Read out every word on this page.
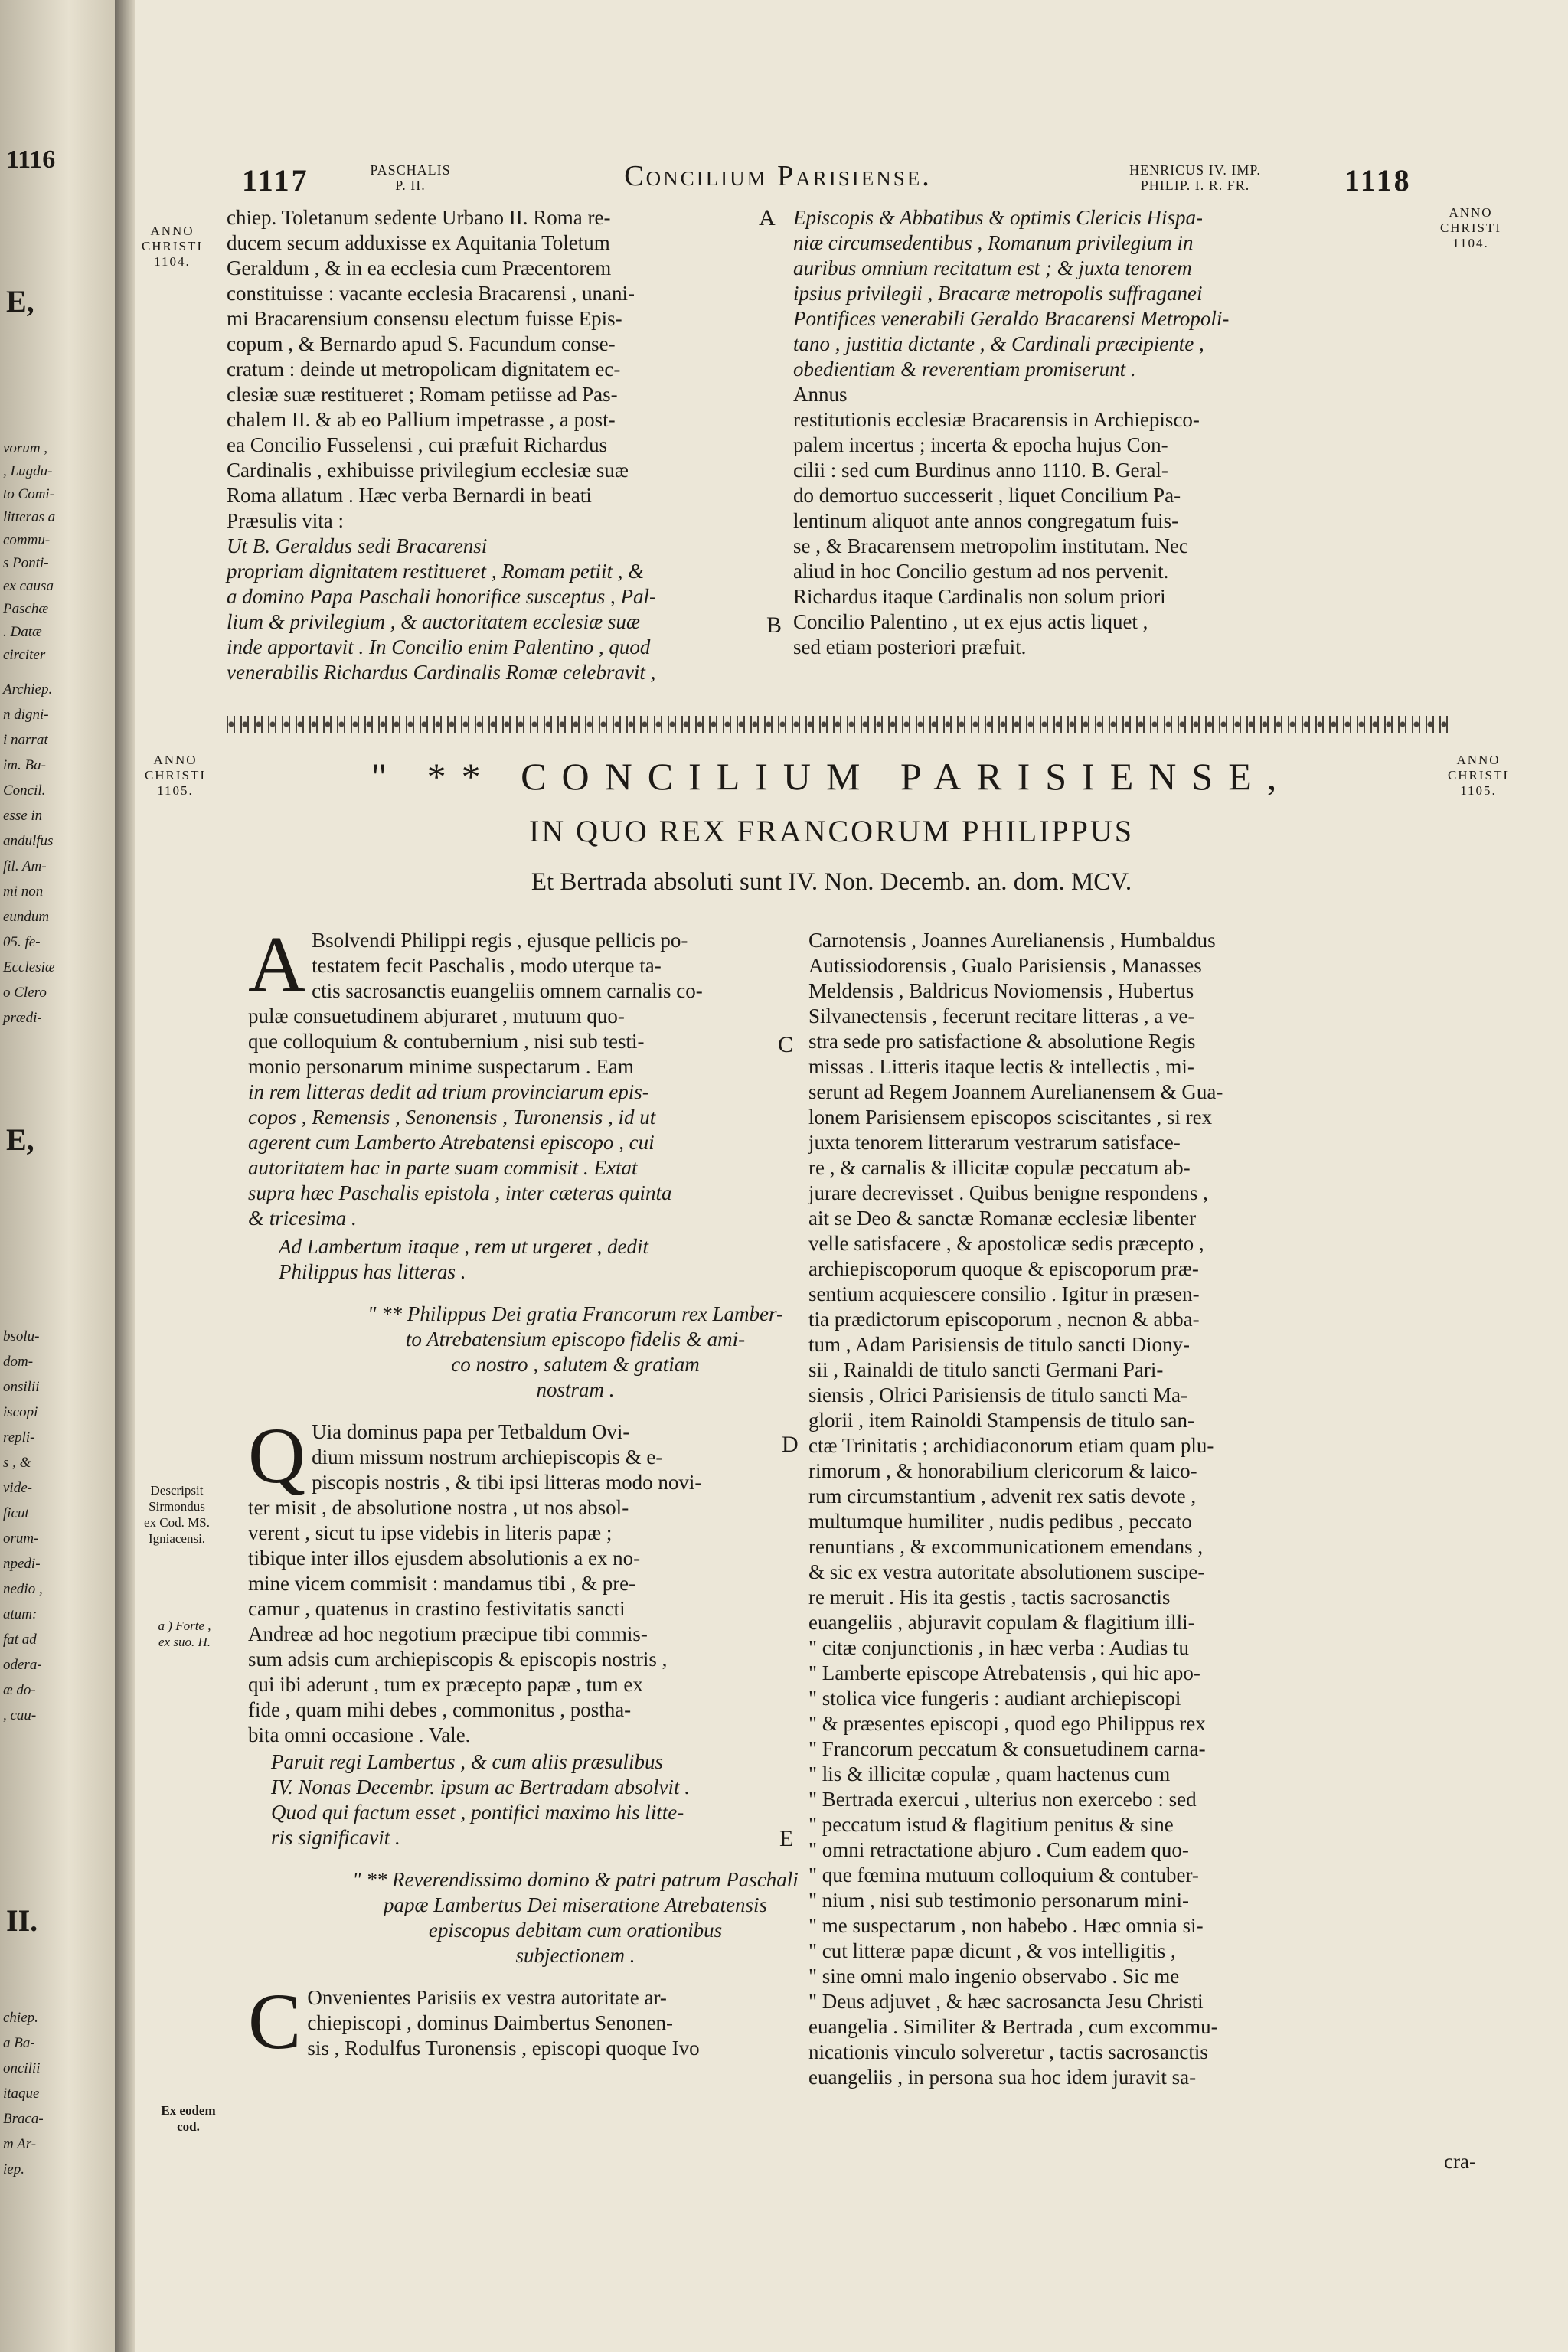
1116
E,
vorum ,
, Lugdu-
to Comi-
litteras a
commu-
s Ponti-
ex causa
Paschæ
. Datæ
circiter
Archiep.
n digni-
i narrat
im. Ba-
Concil.
esse in
andulfus
fil. Am-
mi non
eundum
05. fe-
Ecclesiæ
o Clero
prædi-
E,
bsolu-
dom-
onsilii
iscopi
repli-
s , &
vide-
ficut
orum-
npedi-
nedio ,
atum:
fat ad
odera-
æ do-
, cau-
II.
chiep.
a Ba-
oncilii
itaque
Braca-
m Ar-
iep.
1117	PASCHALIS
P. II.	Concilium Parisiense.	HENRICUS IV. IMP.
PHILIP. I. R. FR.	1118
ANNO
CHRISTI
1104.
ANNO
CHRISTI
1104.
chiep. Toletanum sedente Urbano II. Roma re-
ducem secum adduxisse ex Aquitania Toletum
Geraldum , & in ea ecclesia cum Præcentorem
constituisse : vacante ecclesia Bracarensi , unani-
mi Bracarensium consensu electum fuisse Epis-
copum , & Bernardo apud S. Facundum conse-
cratum : deinde ut metropolicam dignitatem ec-
clesiæ suæ restitueret ; Romam petiisse ad Pas-
chalem II. & ab eo Pallium impetrasse , a post-
ea Concilio Fusselensi , cui præfuit Richardus
Cardinalis , exhibuisse privilegium ecclesiæ suæ
Roma allatum . Hæc verba Bernardi in beati
Præsulis vita :
Ut B. Geraldus sedi Bracarensi
propriam dignitatem restitueret , Romam petiit , &
a domino Papa Paschali honorifice susceptus , Pal-
lium & privilegium , & auctoritatem ecclesiæ suæ
inde apportavit . In Concilio enim Palentino , quod
venerabilis Richardus Cardinalis Romæ celebravit ,
Episcopis & Abbatibus & optimis Clericis Hispa-
niæ circumsedentibus , Romanum privilegium in
auribus omnium recitatum est ; & juxta tenorem
ipsius privilegii , Bracaræ metropolis suffraganei
Pontifices venerabili Geraldo Bracarensi Metropoli-
tano , justitia dictante , & Cardinali præcipiente ,
obedientiam & reverentiam promiserunt .
Annus
restitutionis ecclesiæ Bracarensis in Archiepisco-
palem incertus ; incerta & epocha hujus Con-
cilii : sed cum Burdinus anno 1110. B. Geral-
do demortuo successerit , liquet Concilium Pa-
lentinum aliquot ante annos congregatum fuis-
se , & Bracarensem metropolim institutam. Nec
aliud in hoc Concilio gestum ad nos pervenit.
Richardus itaque Cardinalis non solum priori
Concilio Palentino , ut ex ejus actis liquet ,
sed etiam posteriori præfuit.
A
B
ANNO
CHRISTI
1105.
ANNO
CHRISTI
1105.
" ** CONCILIUM PARISIENSE,
IN QUO REX FRANCORUM PHILIPPUS
Et Bertrada absoluti sunt IV. Non. Decemb. an. dom. MCV.
Descripsit
Sirmondus
ex Cod. MS.
Igniacensi.
a ) Forte ,
ex suo. H.
Ex eodem
cod.
A Bsolvendi Philippi regis , ejusque pellicis po-
testatem fecit Paschalis , modo uterque ta-
ctis sacrosanctis euangeliis omnem carnalis co-
pulæ consuetudinem abjuraret , mutuum quo-
que colloquium & contubernium , nisi sub testi-
monio personarum minime suspectarum . Eam
in rem litteras dedit ad trium provinciarum epis-
copos , Remensis , Senonensis , Turonensis , id ut
agerent cum Lamberto Atrebatensi episcopo , cui
autoritatem hac in parte suam commisit . Extat
supra hæc Paschalis epistola , inter cæteras quinta
& tricesima .
Ad Lambertum itaque , rem ut urgeret , dedit
Philippus has litteras .
" ** Philippus Dei gratia Francorum rex Lamber-
to Atrebatensium episcopo fidelis & ami-
co nostro , salutem & gratiam
nostram .
Q Uia dominus papa per Tetbaldum Ovi-
dium missum nostrum archiepiscopis & e-
piscopis nostris , & tibi ipsi litteras modo novi-
ter misit , de absolutione nostra , ut nos absol-
verent , sicut tu ipse videbis in literis papæ ;
tibique inter illos ejusdem absolutionis a ex no-
mine vicem commisit : mandamus tibi , & pre-
camur , quatenus in crastino festivitatis sancti
Andreæ ad hoc negotium præcipue tibi commis-
sum adsis cum archiepiscopis & episcopis nostris ,
qui ibi aderunt , tum ex præcepto papæ , tum ex
fide , quam mihi debes , commonitus , postha-
bita omni occasione . Vale.
Paruit regi Lambertus , & cum aliis præsulibus
IV. Nonas Decembr. ipsum ac Bertradam absolvit .
Quod qui factum esset , pontifici maximo his litte-
ris significavit .
" ** Reverendissimo domino & patri patrum Paschali
papæ Lambertus Dei miseratione Atrebatensis
episcopus debitam cum orationibus
subjectionem .
C Onvenientes Parisiis ex vestra autoritate ar-
chiepiscopi , dominus Daimbertus Senonen-
sis , Rodulfus Turonensis , episcopi quoque Ivo
Carnotensis , Joannes Aurelianensis , Humbaldus
Autissiodorensis , Gualo Parisiensis , Manasses
Meldensis , Baldricus Noviomensis , Hubertus
Silvanectensis , fecerunt recitare litteras , a ve-
stra sede pro satisfactione & absolutione Regis
missas . Litteris itaque lectis & intellectis , mi-
serunt ad Regem Joannem Aurelianensem & Gua-
lonem Parisiensem episcopos sciscitantes , si rex
juxta tenorem litterarum vestrarum satisface-
re , & carnalis & illicitæ copulæ peccatum ab-
jurare decrevisset . Quibus benigne respondens ,
ait se Deo & sanctæ Romanæ ecclesiæ libenter
velle satisfacere , & apostolicæ sedis præcepto ,
archiepiscoporum quoque & episcoporum præ-
sentium acquiescere consilio . Igitur in præsen-
tia prædictorum episcoporum , necnon & abba-
tum , Adam Parisiensis de titulo sancti Diony-
sii , Rainaldi de titulo sancti Germani Pari-
siensis , Olrici Parisiensis de titulo sancti Ma-
glorii , item Rainoldi Stampensis de titulo san-
ctæ Trinitatis ; archidiaconorum etiam quam plu-
rimorum , & honorabilium clericorum & laico-
rum circumstantium , advenit rex satis devote ,
multumque humiliter , nudis pedibus , peccato
renuntians , & excommunicationem emendans ,
& sic ex vestra autoritate absolutionem suscipe-
re meruit . His ita gestis , tactis sacrosanctis
euangeliis , abjuravit copulam & flagitium illi-
" citæ conjunctionis , in hæc verba : Audias tu
" Lamberte episcope Atrebatensis , qui hic apo-
" stolica vice fungeris : audiant archiepiscopi
" & præsentes episcopi , quod ego Philippus rex
" Francorum peccatum & consuetudinem carna-
" lis & illicitæ copulæ , quam hactenus cum
" Bertrada exercui , ulterius non exercebo : sed
" peccatum istud & flagitium penitus & sine
" omni retractatione abjuro . Cum eadem quo-
" que fœmina mutuum colloquium & contuber-
" nium , nisi sub testimonio personarum mini-
" me suspectarum , non habebo . Hæc omnia si-
" cut litteræ papæ dicunt , & vos intelligitis ,
" sine omni malo ingenio observabo . Sic me
" Deus adjuvet , & hæc sacrosancta Jesu Christi
euangelia . Similiter & Bertrada , cum excommu-
nicationis vinculo solveretur , tactis sacrosanctis
euangeliis , in persona sua hoc idem juravit sa-
C
D
E
cra-
